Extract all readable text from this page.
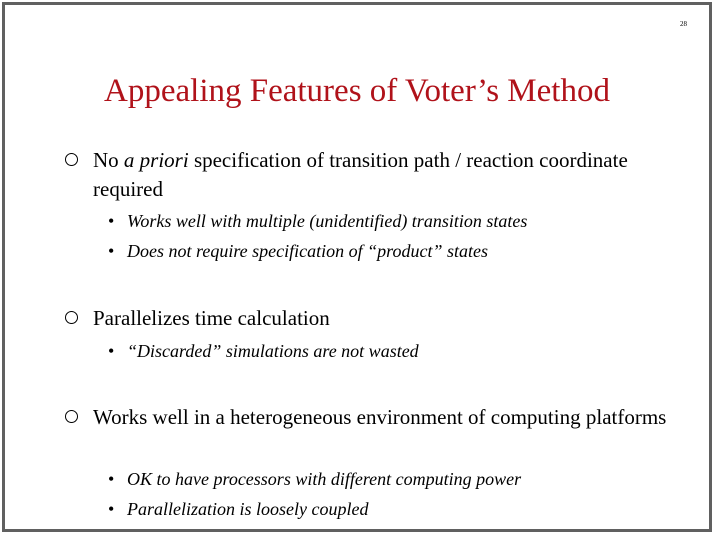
28
Appealing Features of Voter’s Method
No a priori specification of transition path / reaction coordinate required
• Works well with multiple (unidentified) transition states
• Does not require specification of “product” states
Parallelizes time calculation
• “Discarded” simulations are not wasted
Works well in a heterogeneous environment of computing platforms
• OK to have processors with different computing power
• Parallelization is loosely coupled
